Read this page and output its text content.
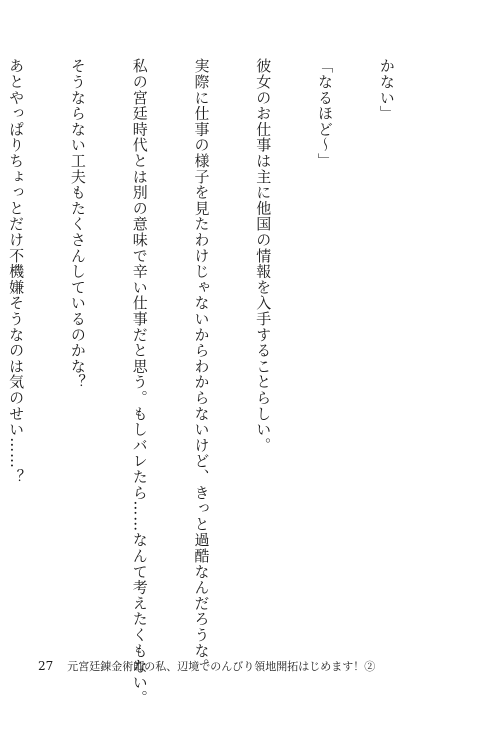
かない」

「なるほど〜」

彼女のお仕事は主に他国の情報を入手することらしい。

実際に仕事の様子を見たわけじゃないからわからないけど、きっと過酷なんだろうな。

私の宮廷時代とは別の意味で辛い仕事だと思う。もしバレたら……なんて考えたくもない。

そうならない工夫もたくさんしているのかな？

あとやっぱりちょっとだけ不機嫌そうなのは気のせい……？

27 元宮廷錬金術師の私、辺境でのんびり領地開拓はじめます！②
